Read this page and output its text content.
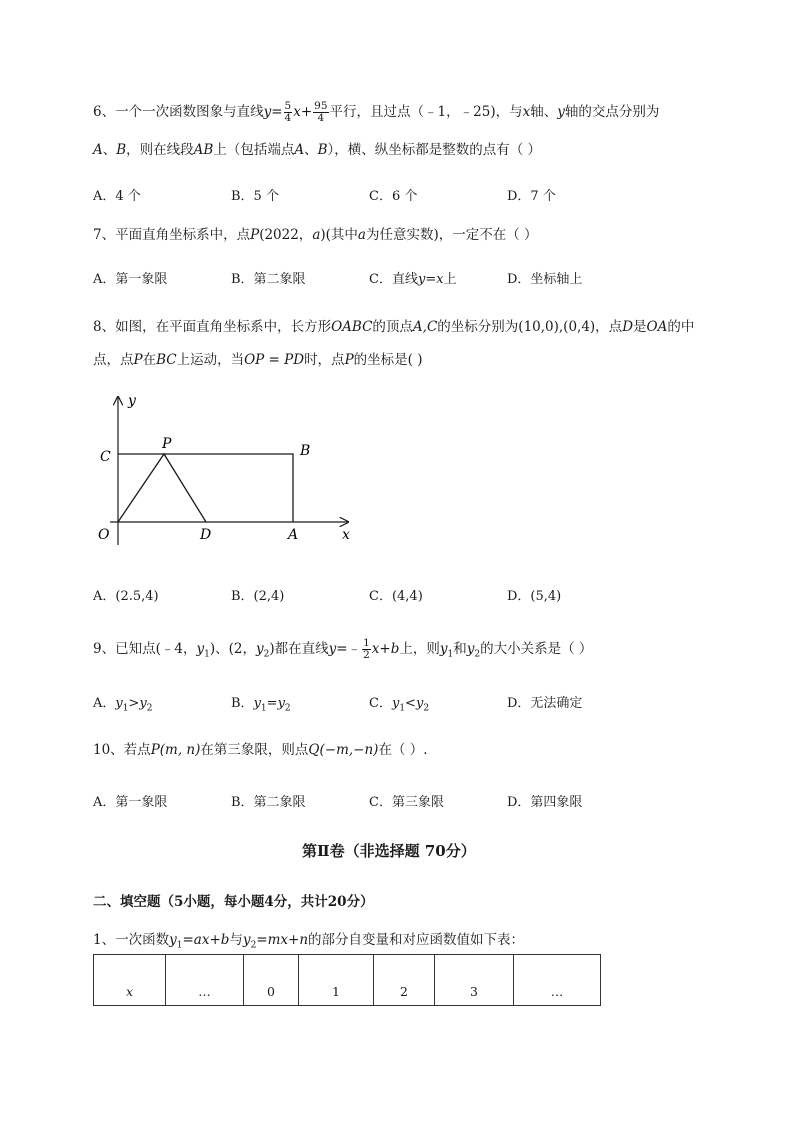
6、一个一次函数图象与直线$y= \frac{5}{4} x+ \frac{95}{4}$ 平行，且过点（﹣1，﹣25)，与x轴、y轴的交点分别为
A、B，则在线段AB上（包括端点A、B），横、纵坐标都是整数的点有（ ）
A．4 个	B．5 个	C．6 个	D．7 个
7、平面直角坐标系中，点P(2022，a)(其中a为任意实数)，一定不在（ ）
A．第一象限	B．第二象限	C．直线y=x上	D．坐标轴上
8、如图，在平面直角坐标系中，长方形OABC的顶点A,C的坐标分别为(10,0),(0,4)，点D是OA的中
点，点P在BC上运动，当OP = PD时，点P的坐标是( )
y
x
C
P	B
O	D	A
A．(2.5,4)	B．(2,4)	C．(4,4)	D．(5,4)
9、已知点(﹣4，$y_1$)、(2，$y_2$)都在直线y=﹣ $\frac{1}{2} x+b$上，则$y_1$和$y_2$的大小关系是（ ）
A．$y_1>y_2$	B．$y_1=y_2$	C．$y_1<y_2$	D．无法确定
10、若点P(m, n)在第三象限，则点Q(−m,−n)在（ ）.
A．第一象限	B．第二象限	C．第三象限	D．第四象限
第Ⅱ卷（非选择题 70分）
二、填空题（5小题，每小题4分，共计20分）
1、一次函数$y_1=ax+b$与$y_2=mx+n$的部分自变量和对应函数值如下表：
x	…	0	1	2	3	…
